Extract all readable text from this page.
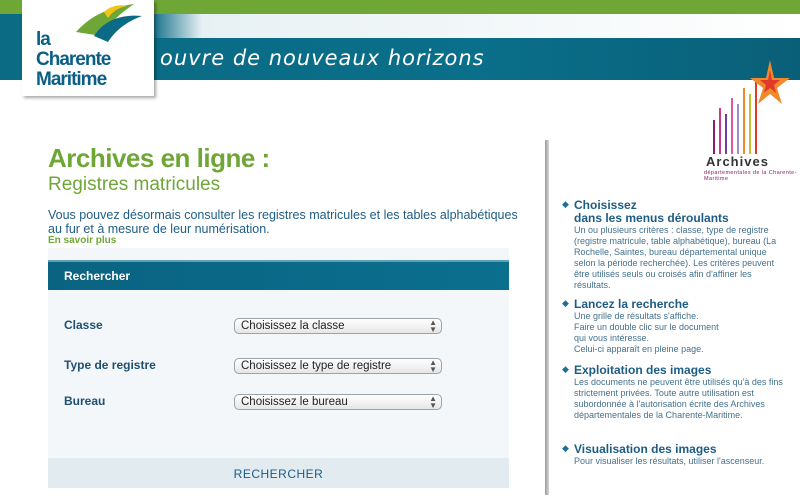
ouvre de nouveaux horizons
la
Charente
Maritime
Archives
départementales de la Charente-Maritime
Archives en ligne :
Registres matricules
Vous pouvez désormais consulter les registres matricules et les tables alphabétiques au fur et à mesure de leur numérisation.
En savoir plus
Rechercher
Classe	Choisissez la classe	▲
▼
Type de registre	Choisissez le type de registre	▲
▼
Bureau	Choisissez le bureau	▲
▼
RECHERCHER
◆ Choisissez
dans les menus déroulants
Un ou plusieurs critères : classe, type de registre (registre matricule, table alphabétique), bureau (La Rochelle, Saintes, bureau départemental unique selon la période recherchée). Les critères peuvent être utilisés seuls ou croisés afin d'affiner les résultats.
◆ Lancez la recherche
Une grille de résultats s'affiche.
Faire un double clic sur le document
qui vous intéresse.
Celui-ci apparaît en pleine page.
◆ Exploitation des images
Les documents ne peuvent être utilisés qu'à des fins strictement privées. Toute autre utilisation est subordonnée à l'autorisation écrite des Archives départementales de la Charente-Maritime.
◆ Visualisation des images
Pour visualiser les résultats, utiliser l'ascenseur.
